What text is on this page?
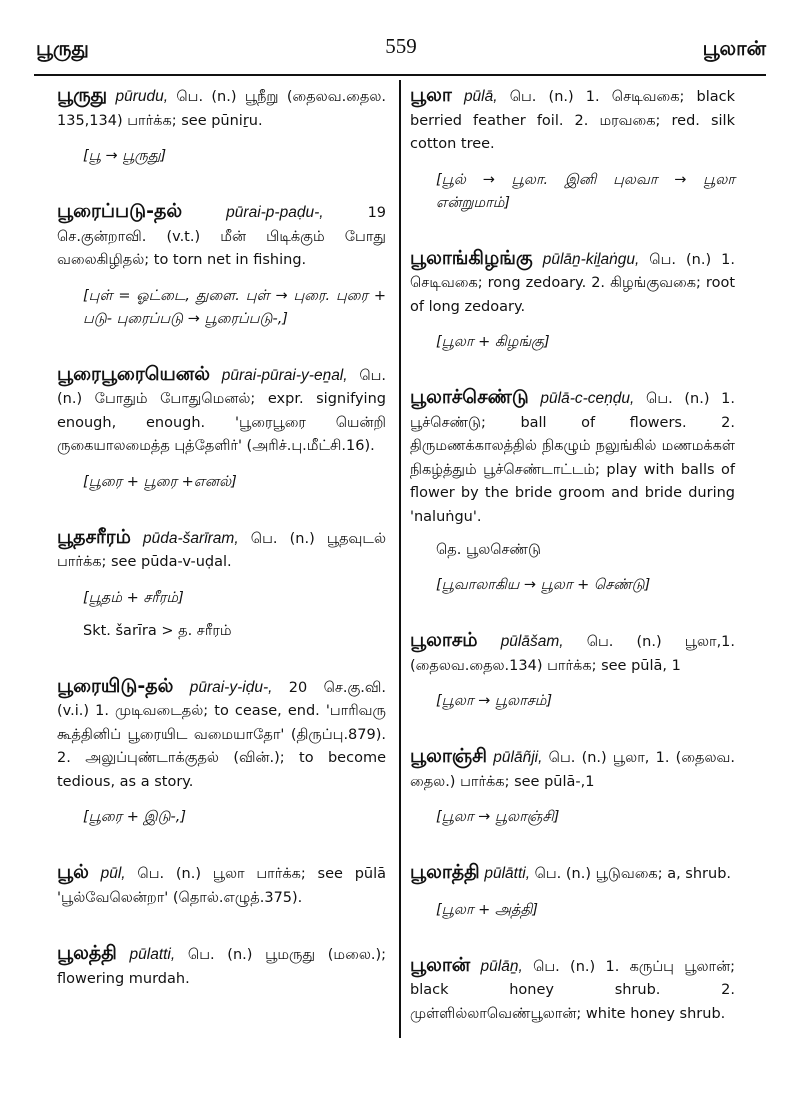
பூருது	559	பூலான்
பூருது pūrudu, பெ. (n.) பூநீறு (தைலவ.தைல. 135,134) பார்க்க; see pūniṟu.
[பூ → பூருது]
பூரைப்படு-தல்	pūrai-p-paḍu-,	19 செ.குன்றாவி. (v.t.) மீன் பிடிக்கும் போது வலைகிழிதல்; to torn net in fishing.
[புள் = ஓட்டை, துளை. புள் → புரை. புரை + படு- புரைப்படு → பூரைப்படு-,]
பூரைபூரையெனல் pūrai-pūrai-y-eṉal, பெ. (n.) போதும் போதுமெனல்; expr. signifying enough, enough. 'பூரைபூரை யென்றி ருகையாலமைத்த புத்தேளிர்' (அரிச்.பு.மீட்சி.16).
[பூரை + பூரை +எனல்]
பூதசரீரம் pūda-šarīram, பெ. (n.) பூதவுடல் பார்க்க; see pūda-v-uḍal.
[பூதம் + சரீரம்]
Skt. šarīra > த. சரீரம்
பூரையிடு-தல் pūrai-y-iḍu-, 20 செ.கு.வி. (v.i.) 1. முடிவடைதல்; to cease, end. 'பாரிவரு கூத்தினிப் பூரையிட வமையாதோ' (திருப்பு.879). 2. அலுப்புண்டாக்குதல் (வின்.); to become tedious, as a story.
[பூரை + இடு-,]
பூல் pūl, பெ. (n.) பூலா பார்க்க; see pūlā 'பூல்வேலென்றா' (தொல்.எழுத்.375).
பூலத்தி pūlatti, பெ. (n.) பூமருது (மலை.); flowering murdah.
பூலா pūlā, பெ. (n.) 1. செடிவகை; black berried feather foil. 2. மரவகை; red. silk cotton tree.
[பூல் → பூலா. இனி புலவா → பூலா என்றுமாம்]
பூலாங்கிழங்கு pūlāṉ-kiḻaṅgu, பெ. (n.) 1. செடிவகை; rong zedoary. 2. கிழங்குவகை; root of long zedoary.
[பூலா + கிழங்கு]
பூலாச்செண்டு pūlā-c-ceṇḍu, பெ. (n.) 1. பூச்செண்டு; ball of flowers. 2. திருமணக்காலத்தில் நிகழும் நலுங்கில் மணமக்கள் நிகழ்த்தும் பூச்செண்டாட்டம்; play with balls of flower by the bride groom and bride during 'naluṅgu'.
தெ. பூலசெண்டு
[பூவாலாகிய → பூலா + செண்டு]
பூலாசம் pūlāšam, பெ. (n.) பூலா,1. (தைலவ.தைல.134) பார்க்க; see pūlā, 1
[பூலா → பூலாசம்]
பூலாஞ்சி pūlāñji, பெ. (n.) பூலா, 1. (தைலவ. தைல.) பார்க்க; see pūlā-,1
[பூலா → பூலாஞ்சி]
பூலாத்தி pūlātti, பெ. (n.) பூடுவகை; a, shrub.
[பூலா + அத்தி]
பூலான் pūlāṉ, பெ. (n.) 1. கருப்பு பூலான்; black honey shrub. 2. முள்ளில்லாவெண்பூலான்; white honey shrub.
